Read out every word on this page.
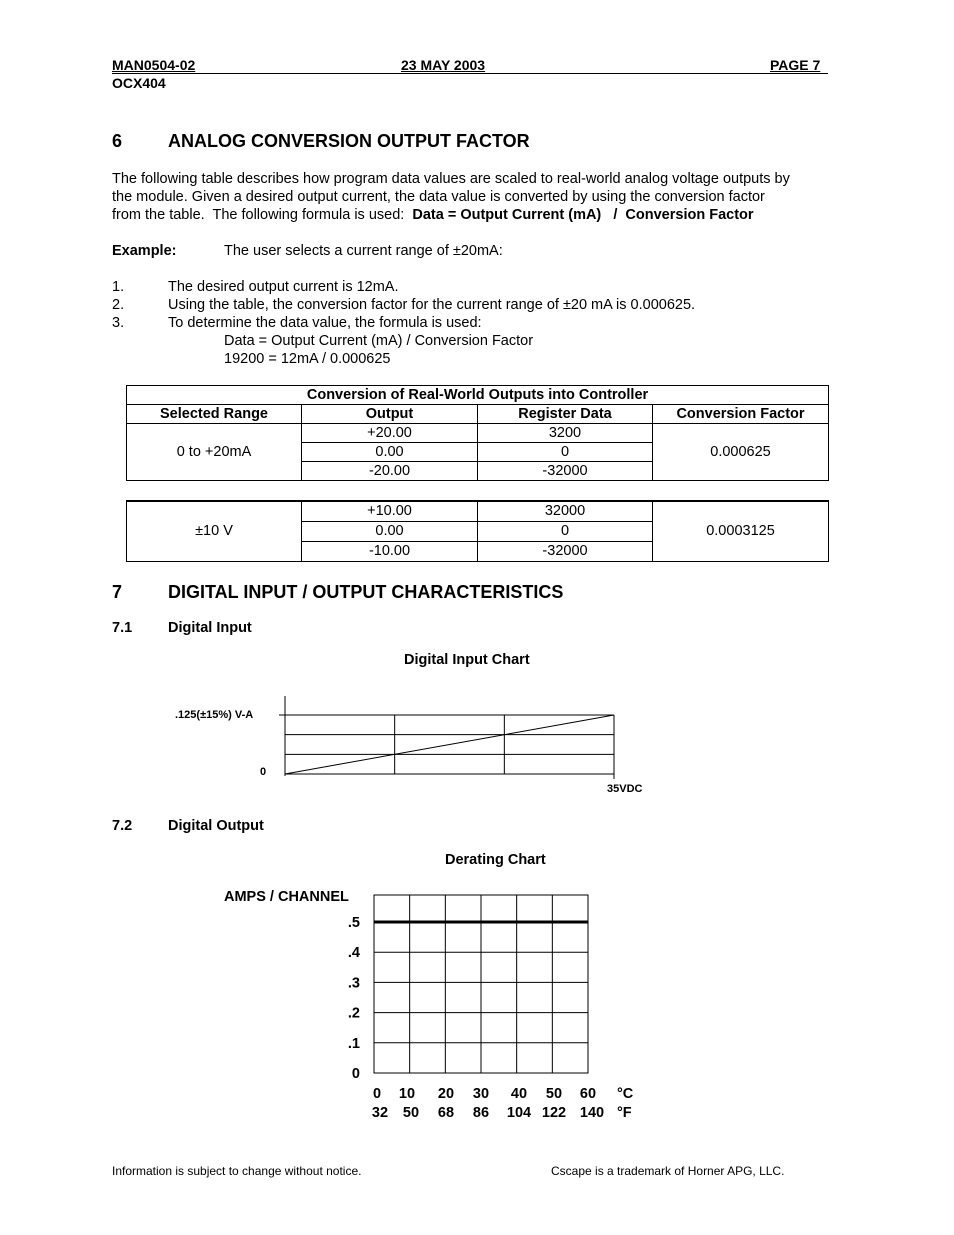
MAN0504-02	23 MAY 2003	PAGE 7
OCX404
6	ANALOG CONVERSION OUTPUT FACTOR
The following table describes how program data values are scaled to real-world analog voltage outputs by
the module. Given a desired output current, the data value is converted by using the conversion factor
from the table.  The following formula is used:  Data = Output Current (mA)   /  Conversion Factor
Example:	The user selects a current range of ±20mA:
1.	The desired output current is 12mA.
2.	Using the table, the conversion factor for the current range of ±20 mA is 0.000625.
3.	To determine the data value, the formula is used:
Data = Output Current (mA) / Conversion Factor
19200 = 12mA / 0.000625
Conversion of Real-World Outputs into Controller			
Selected Range	Output	Register Data	Conversion Factor
0 to +20mA	+20.00	3200	0.000625
	0.00	0	
	-20.00	-32000	
±10 V	+10.00	32000	0.0003125
	0.00	0	
	-10.00	-32000	
7	DIGITAL INPUT / OUTPUT CHARACTERISTICS
7.1 Digital Input
Digital Input Chart
.125(±15%) V-A
0
35VDC
7.2 Digital Output
Derating Chart
AMPS / CHANNEL
.5
.4
.3
.2
.1
0
0 10 20 30 40 50 60
32 50 68 86 104 122 140
°C
°F
Information is subject to change without notice.	Cscape is a trademark of Horner APG, LLC.
